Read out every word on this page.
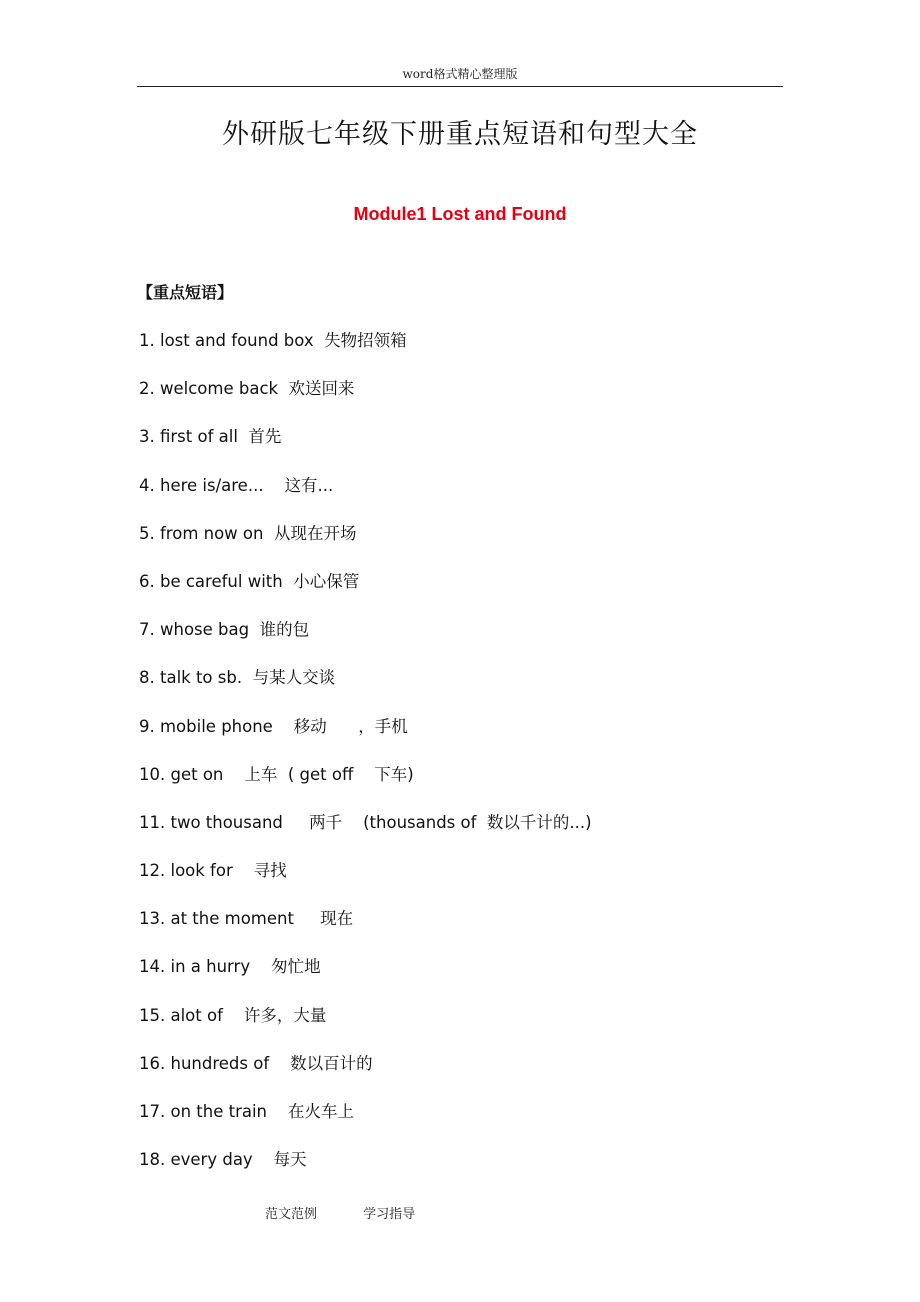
word格式精心整理版
外研版七年级下册重点短语和句型大全
Module1 Lost and Found
【重点短语】
1. lost and found box  失物招领箱
2. welcome back  欢送回来
3. first of all  首先
4. here is/are...    这有...
5. from now on  从现在开场
6. be careful with  小心保管
7. whose bag  谁的包
8. talk to sb.  与某人交谈
9. mobile phone    移动      ，手机
10. get on    上车  ( get off    下车)
11. two thousand     两千    (thousands of  数以千计的...)
12. look for    寻找
13. at the moment     现在
14. in a hurry    匆忙地
15. alot of    许多，大量
16. hundreds of    数以百计的
17. on the train    在火车上
18. every day    每天
范文范例	学习指导
